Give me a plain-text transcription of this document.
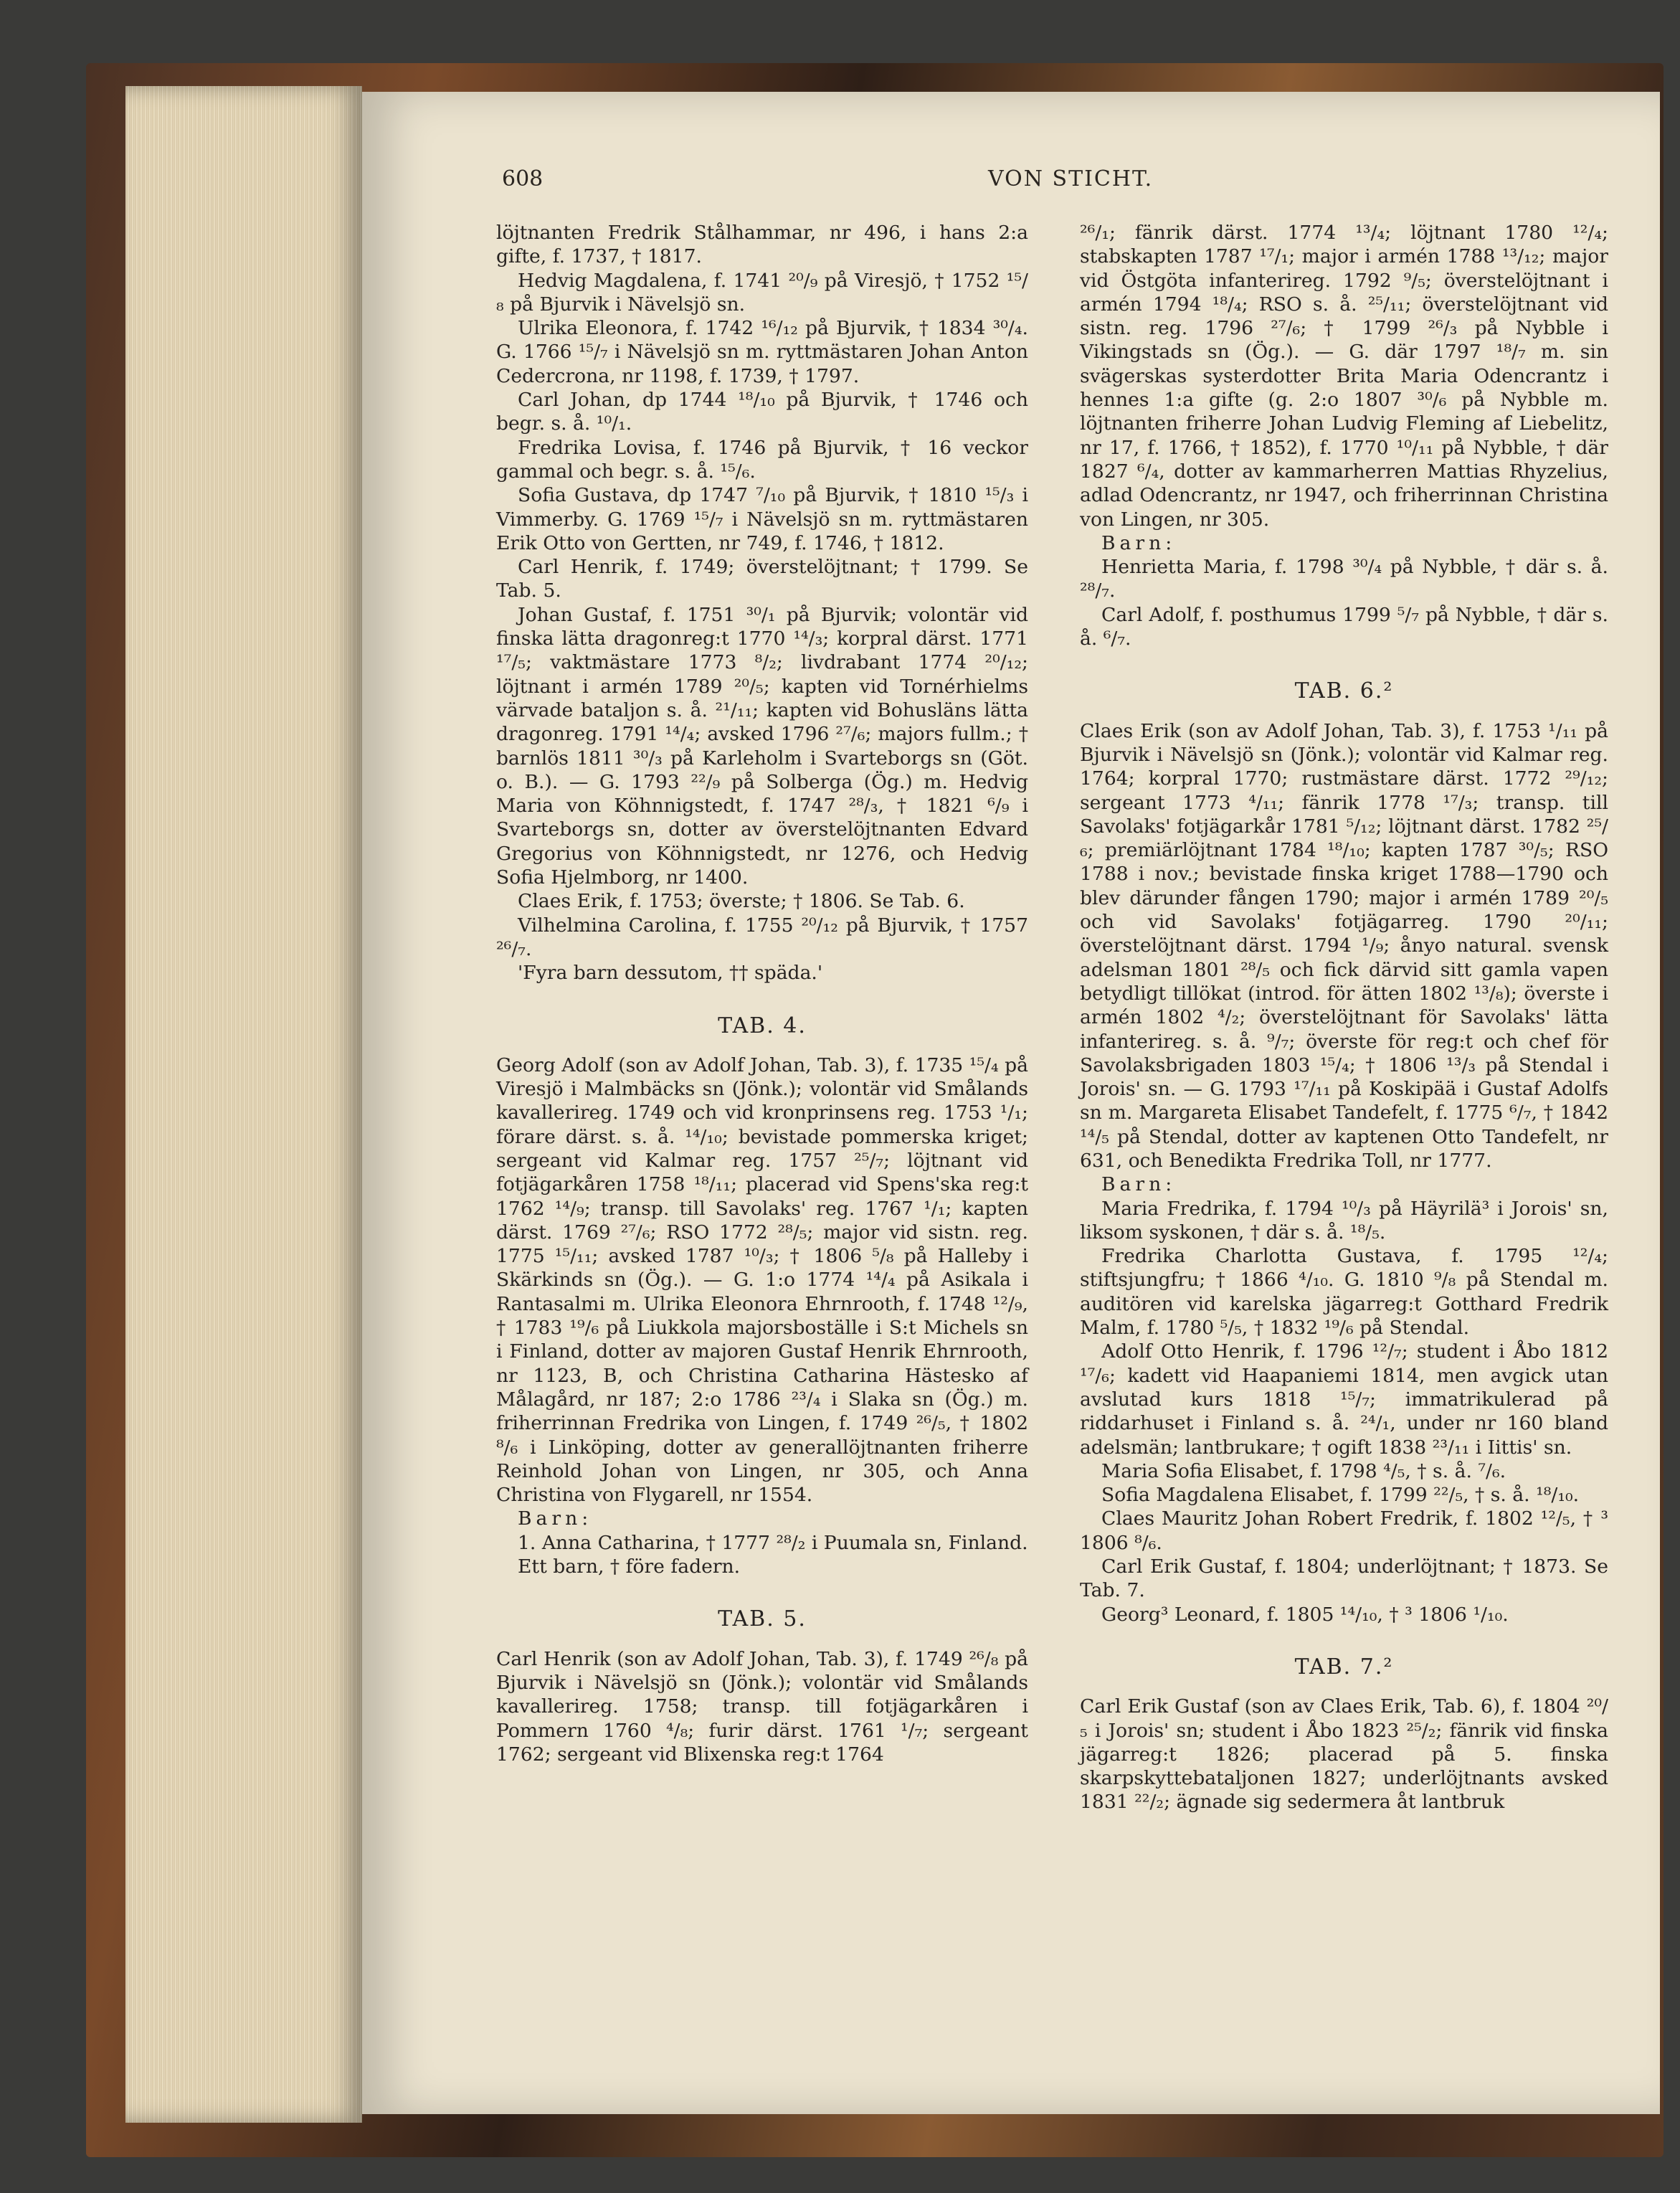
608	VON STICHT.

löjtnanten Fredrik Stålhammar, nr 496, i hans 2:a gifte, f. 1737, † 1817.

Hedvig Magdalena, f. 1741 ²⁰/₉ på Viresjö, † 1752 ¹⁵/₈ på Bjurvik i Nävelsjö sn.

Ulrika Eleonora, f. 1742 ¹⁶/₁₂ på Bjurvik, † 1834 ³⁰/₄. G. 1766 ¹⁵/₇ i Nävelsjö sn m. ryttmästaren Johan Anton Cedercrona, nr 1198, f. 1739, † 1797.

Carl Johan, dp 1744 ¹⁸/₁₀ på Bjurvik, † 1746 och begr. s. å. ¹⁰/₁.

Fredrika Lovisa, f. 1746 på Bjurvik, † 16 veckor gammal och begr. s. å. ¹⁵/₆.

Sofia Gustava, dp 1747 ⁷/₁₀ på Bjurvik, † 1810 ¹⁵/₃ i Vimmerby. G. 1769 ¹⁵/₇ i Nävelsjö sn m. ryttmästaren Erik Otto von Gertten, nr 749, f. 1746, † 1812.

Carl Henrik, f. 1749; överstelöjtnant; † 1799. Se Tab. 5.

Johan Gustaf, f. 1751 ³⁰/₁ på Bjurvik; volontär vid finska lätta dragonreg:t 1770 ¹⁴/₃; korpral därst. 1771 ¹⁷/₅; vaktmästare 1773 ⁸/₂; livdrabant 1774 ²⁰/₁₂; löjtnant i armén 1789 ²⁰/₅; kapten vid Tornérhielms värvade bataljon s. å. ²¹/₁₁; kapten vid Bohusläns lätta dragonreg. 1791 ¹⁴/₄; avsked 1796 ²⁷/₆; majors fullm.; † barnlös 1811 ³⁰/₃ på Karleholm i Svarteborgs sn (Göt. o. B.). — G. 1793 ²²/₉ på Solberga (Ög.) m. Hedvig Maria von Köhnnigstedt, f. 1747 ²⁸/₃, † 1821 ⁶/₉ i Svarteborgs sn, dotter av överstelöjtnanten Edvard Gregorius von Köhnnigstedt, nr 1276, och Hedvig Sofia Hjelmborg, nr 1400.

Claes Erik, f. 1753; överste; † 1806. Se Tab. 6.

Vilhelmina Carolina, f. 1755 ²⁰/₁₂ på Bjurvik, † 1757 ²⁶/₇.

'Fyra barn dessutom, †† späda.'

TAB. 4.

Georg Adolf (son av Adolf Johan, Tab. 3), f. 1735 ¹⁵/₄ på Viresjö i Malmbäcks sn (Jönk.); volontär vid Smålands kavallerireg. 1749 och vid kronprinsens reg. 1753 ¹/₁; förare därst. s. å. ¹⁴/₁₀; bevistade pommerska kriget; sergeant vid Kalmar reg. 1757 ²⁵/₇; löjtnant vid fotjägarkåren 1758 ¹⁸/₁₁; placerad vid Spens'ska reg:t 1762 ¹⁴/₉; transp. till Savolaks' reg. 1767 ¹/₁; kapten därst. 1769 ²⁷/₆; RSO 1772 ²⁸/₅; major vid sistn. reg. 1775 ¹⁵/₁₁; avsked 1787 ¹⁰/₃; † 1806 ⁵/₈ på Halleby i Skärkinds sn (Ög.). — G. 1:o 1774 ¹⁴/₄ på Asikala i Rantasalmi m. Ulrika Eleonora Ehrnrooth, f. 1748 ¹²/₉, † 1783 ¹⁹/₆ på Liukkola majorsboställe i S:t Michels sn i Finland, dotter av majoren Gustaf Henrik Ehrnrooth, nr 1123, B, och Christina Catharina Hästesko af Målagård, nr 187; 2:o 1786 ²³/₄ i Slaka sn (Ög.) m. friherrinnan Fredrika von Lingen, f. 1749 ²⁶/₅, † 1802 ⁸/₆ i Linköping, dotter av generallöjtnanten friherre Reinhold Johan von Lingen, nr 305, och Anna Christina von Flygarell, nr 1554.

Barn:

1. Anna Catharina, † 1777 ²⁸/₂ i Puumala sn, Finland.

Ett barn, † före fadern.

TAB. 5.

Carl Henrik (son av Adolf Johan, Tab. 3), f. 1749 ²⁶/₈ på Bjurvik i Nävelsjö sn (Jönk.); volontär vid Smålands kavallerireg. 1758; transp. till fotjägarkåren i Pommern 1760 ⁴/₈; furir därst. 1761 ¹/₇; sergeant 1762; sergeant vid Blixenska reg:t 1764

²⁶/₁; fänrik därst. 1774 ¹³/₄; löjtnant 1780 ¹²/₄; stabskapten 1787 ¹⁷/₁; major i armén 1788 ¹³/₁₂; major vid Östgöta infanterireg. 1792 ⁹/₅; överstelöjtnant i armén 1794 ¹⁸/₄; RSO s. å. ²⁵/₁₁; överstelöjtnant vid sistn. reg. 1796 ²⁷/₆; † 1799 ²⁶/₃ på Nybble i Vikingstads sn (Ög.). — G. där 1797 ¹⁸/₇ m. sin svägerskas systerdotter Brita Maria Odencrantz i hennes 1:a gifte (g. 2:o 1807 ³⁰/₆ på Nybble m. löjtnanten friherre Johan Ludvig Fleming af Liebelitz, nr 17, f. 1766, † 1852), f. 1770 ¹⁰/₁₁ på Nybble, † där 1827 ⁶/₄, dotter av kammarherren Mattias Rhyzelius, adlad Odencrantz, nr 1947, och friherrinnan Christina von Lingen, nr 305.

Barn:

Henrietta Maria, f. 1798 ³⁰/₄ på Nybble, † där s. å. ²⁸/₇.

Carl Adolf, f. posthumus 1799 ⁵/₇ på Nybble, † där s. å. ⁶/₇.

TAB. 6.²

Claes Erik (son av Adolf Johan, Tab. 3), f. 1753 ¹/₁₁ på Bjurvik i Nävelsjö sn (Jönk.); volontär vid Kalmar reg. 1764; korpral 1770; rustmästare därst. 1772 ²⁹/₁₂; sergeant 1773 ⁴/₁₁; fänrik 1778 ¹⁷/₃; transp. till Savolaks' fotjägarkår 1781 ⁵/₁₂; löjtnant därst. 1782 ²⁵/₆; premiärlöjtnant 1784 ¹⁸/₁₀; kapten 1787 ³⁰/₅; RSO 1788 i nov.; bevistade finska kriget 1788—1790 och blev därunder fången 1790; major i armén 1789 ²⁰/₅ och vid Savolaks' fotjägarreg. 1790 ²⁰/₁₁; överstelöjtnant därst. 1794 ¹/₉; ånyo natural. svensk adelsman 1801 ²⁸/₅ och fick därvid sitt gamla vapen betydligt tillökat (introd. för ätten 1802 ¹³/₈); överste i armén 1802 ⁴/₂; överstelöjtnant för Savolaks' lätta infanterireg. s. å. ⁹/₇; överste för reg:t och chef för Savolaksbrigaden 1803 ¹⁵/₄; † 1806 ¹³/₃ på Stendal i Jorois' sn. — G. 1793 ¹⁷/₁₁ på Koskipää i Gustaf Adolfs sn m. Margareta Elisabet Tandefelt, f. 1775 ⁶/₇, † 1842 ¹⁴/₅ på Stendal, dotter av kaptenen Otto Tandefelt, nr 631, och Benedikta Fredrika Toll, nr 1777.

Barn:

Maria Fredrika, f. 1794 ¹⁰/₃ på Häyrilä³ i Jorois' sn, liksom syskonen, † där s. å. ¹⁸/₅.

Fredrika Charlotta Gustava, f. 1795 ¹²/₄; stiftsjungfru; † 1866 ⁴/₁₀. G. 1810 ⁹/₈ på Stendal m. auditören vid karelska jägarreg:t Gotthard Fredrik Malm, f. 1780 ⁵/₅, † 1832 ¹⁹/₆ på Stendal.

Adolf Otto Henrik, f. 1796 ¹²/₇; student i Åbo 1812 ¹⁷/₆; kadett vid Haapaniemi 1814, men avgick utan avslutad kurs 1818 ¹⁵/₇; immatrikulerad på riddarhuset i Finland s. å. ²⁴/₁, under nr 160 bland adelsmän; lantbrukare; † ogift 1838 ²³/₁₁ i Iittis' sn.

Maria Sofia Elisabet, f. 1798 ⁴/₅, † s. å. ⁷/₆.

Sofia Magdalena Elisabet, f. 1799 ²²/₅, † s. å. ¹⁸/₁₀.

Claes Mauritz Johan Robert Fredrik, f. 1802 ¹²/₅, † ³ 1806 ⁸/₆.

Carl Erik Gustaf, f. 1804; underlöjtnant; † 1873. Se Tab. 7.

Georg³ Leonard, f. 1805 ¹⁴/₁₀, † ³ 1806 ¹/₁₀.

TAB. 7.²

Carl Erik Gustaf (son av Claes Erik, Tab. 6), f. 1804 ²⁰/₅ i Jorois' sn; student i Åbo 1823 ²⁵/₂; fänrik vid finska jägarreg:t 1826; placerad på 5. finska skarpskyttebataljonen 1827; underlöjtnants avsked 1831 ²²/₂; ägnade sig sedermera åt lantbruk
